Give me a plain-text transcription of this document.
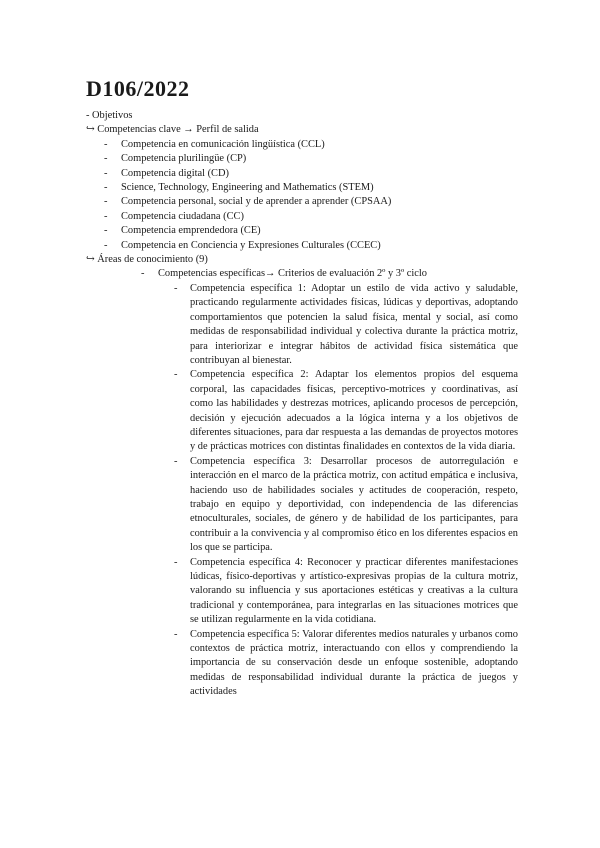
D106/2022
- Objetivos
↪ Competencias clave → Perfil de salida
- Competencia en comunicación lingüística (CCL)
- Competencia plurilingüe (CP)
- Competencia digital (CD)
- Science, Technology, Engineering and Mathematics (STEM)
- Competencia personal, social y de aprender a aprender (CPSAA)
- Competencia ciudadana (CC)
- Competencia emprendedora (CE)
- Competencia en Conciencia y Expresiones Culturales (CCEC)
↪ Áreas de conocimiento (9)
- Competencias específicas→ Criterios de evaluación 2º y 3º ciclo
- Competencia específica 1: Adoptar un estilo de vida activo y saludable, practicando regularmente actividades físicas, lúdicas y deportivas, adoptando comportamientos que potencien la salud física, mental y social, así como medidas de responsabilidad individual y colectiva durante la práctica motriz, para interiorizar e integrar hábitos de actividad física sistemática que contribuyan al bienestar.
- Competencia específica 2: Adaptar los elementos propios del esquema corporal, las capacidades físicas, perceptivo-motrices y coordinativas, así como las habilidades y destrezas motrices, aplicando procesos de percepción, decisión y ejecución adecuados a la lógica interna y a los objetivos de diferentes situaciones, para dar respuesta a las demandas de proyectos motores y de prácticas motrices con distintas finalidades en contextos de la vida diaria.
- Competencia específica 3: Desarrollar procesos de autorregulación e interacción en el marco de la práctica motriz, con actitud empática e inclusiva, haciendo uso de habilidades sociales y actitudes de cooperación, respeto, trabajo en equipo y deportividad, con independencia de las diferencias etnoculturales, sociales, de género y de habilidad de los participantes, para contribuir a la convivencia y al compromiso ético en los diferentes espacios en los que se participa.
- Competencia específica 4: Reconocer y practicar diferentes manifestaciones lúdicas, físico-deportivas y artístico-expresivas propias de la cultura motriz, valorando su influencia y sus aportaciones estéticas y creativas a la cultura tradicional y contemporánea, para integrarlas en las situaciones motrices que se utilizan regularmente en la vida cotidiana.
- Competencia específica 5: Valorar diferentes medios naturales y urbanos como contextos de práctica motriz, interactuando con ellos y comprendiendo la importancia de su conservación desde un enfoque sostenible, adoptando medidas de responsabilidad individual durante la práctica de juegos y actividades
